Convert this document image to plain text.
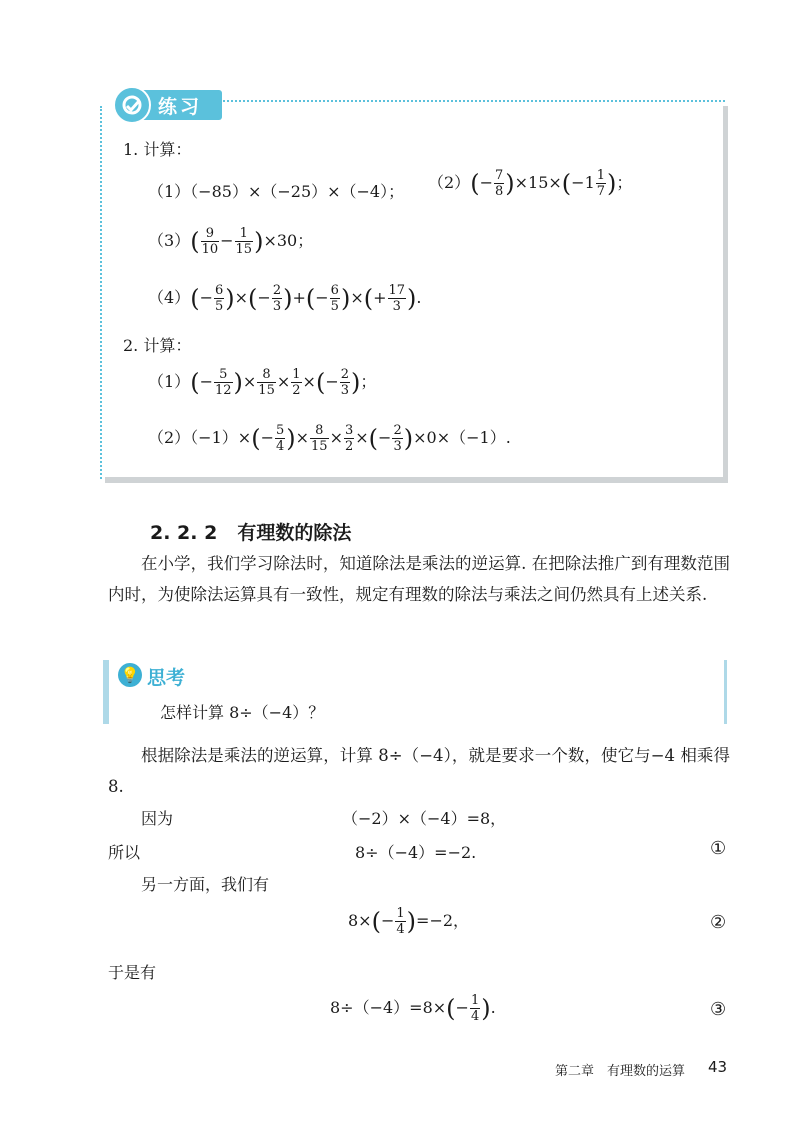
练习
1. 计算：
（1）（−85）×（−25）×（−4）； $(2)(- \frac{7}{8} )\times 15\times(-1 \frac{1}{7}$ )；
$(3)( \frac{9}{10} - \frac{1}{15} )\times 30$；
$(4)(- \frac{6}{5}$ )×(− $\frac{2}{3}$ )+(− $\frac{6}{5}$ )×(+ $\frac{17}{3}$ ).
2. 计算：
$(1)(- \frac{5}{12}$ )× $\frac{8}{15} \times \frac{1}{2}$ ×(− $\frac{2}{3}$ )；
$(2)(-1)\times(- \frac{5}{4}$ )× $\frac{8}{15} \times \frac{3}{2}$ ×(− $\frac{2}{3} )\times 0\times(-1)$.
2. 2. 2 有理数的除法
在小学，我们学习除法时，知道除法是乘法的逆运算. 在把除法推广到有理数范围内时，为使除法运算具有一致性，规定有理数的除法与乘法之间仍然具有上述关系.
💡 思考
怎样计算 8÷（−4）？
根据除法是乘法的逆运算，计算 8÷（−4），就是要求一个数，使它与−4 相乘得 8.
因为	（−2）×（−4）=8，
所以	8÷（−4）=−2.	①
另一方面，我们有
$8\times(- \frac{1}{4} )=-2$，	②
于是有
$8\div(-4)=8\times(- \frac{1}{4}$ ).	③
第二章　有理数的运算 43
